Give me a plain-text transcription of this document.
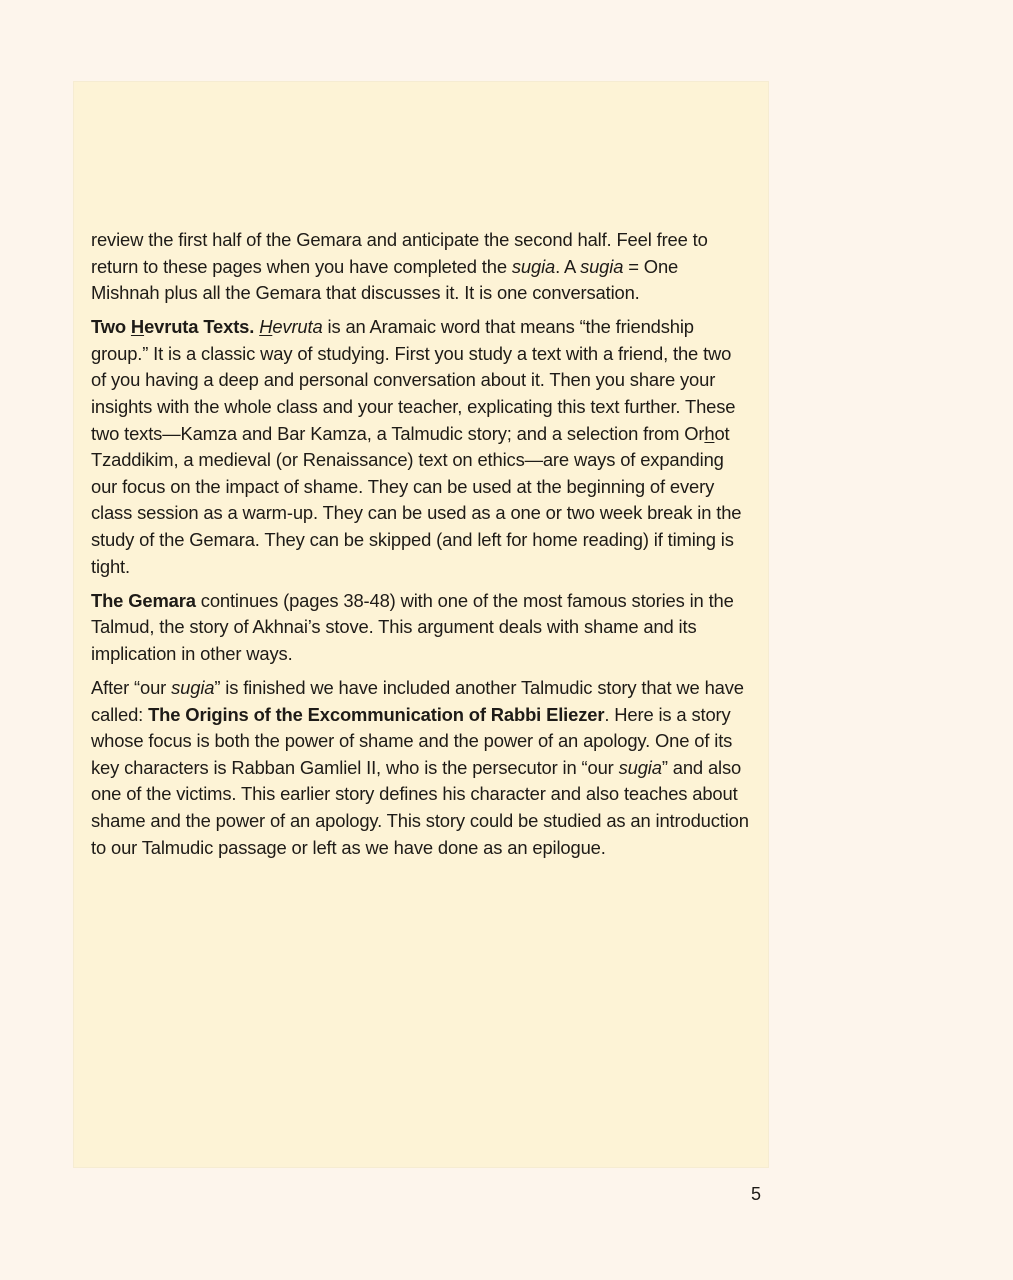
review the first half of the Gemara and anticipate the second half. Feel free to return to these pages when you have completed the sugia. A sugia = One Mishnah plus all the Gemara that discusses it. It is one conversation.

Two Hevruta Texts. Hevruta is an Aramaic word that means “the friendship group.” It is a classic way of studying. First you study a text with a friend, the two of you having a deep and personal conversation about it. Then you share your insights with the whole class and your teacher, explicating this text further. These two texts—Kamza and Bar Kamza, a Talmudic story; and a selection from Orhot Tzaddikim, a medieval (or Renaissance) text on ethics—are ways of expanding our focus on the impact of shame. They can be used at the beginning of every class session as a warm-up. They can be used as a one or two week break in the study of the Gemara. They can be skipped (and left for home reading) if timing is tight.

The Gemara continues (pages 38-48) with one of the most famous stories in the Talmud, the story of Akhnai’s stove. This argument deals with shame and its implication in other ways.

After “our sugia” is finished we have included another Talmudic story that we have called: The Origins of the Excommunication of Rabbi Eliezer. Here is a story whose focus is both the power of shame and the power of an apology. One of its key characters is Rabban Gamliel II, who is the persecutor in “our sugia” and also one of the victims. This earlier story defines his character and also teaches about shame and the power of an apology. This story could be studied as an introduction to our Talmudic passage or left as we have done as an epilogue.

5
